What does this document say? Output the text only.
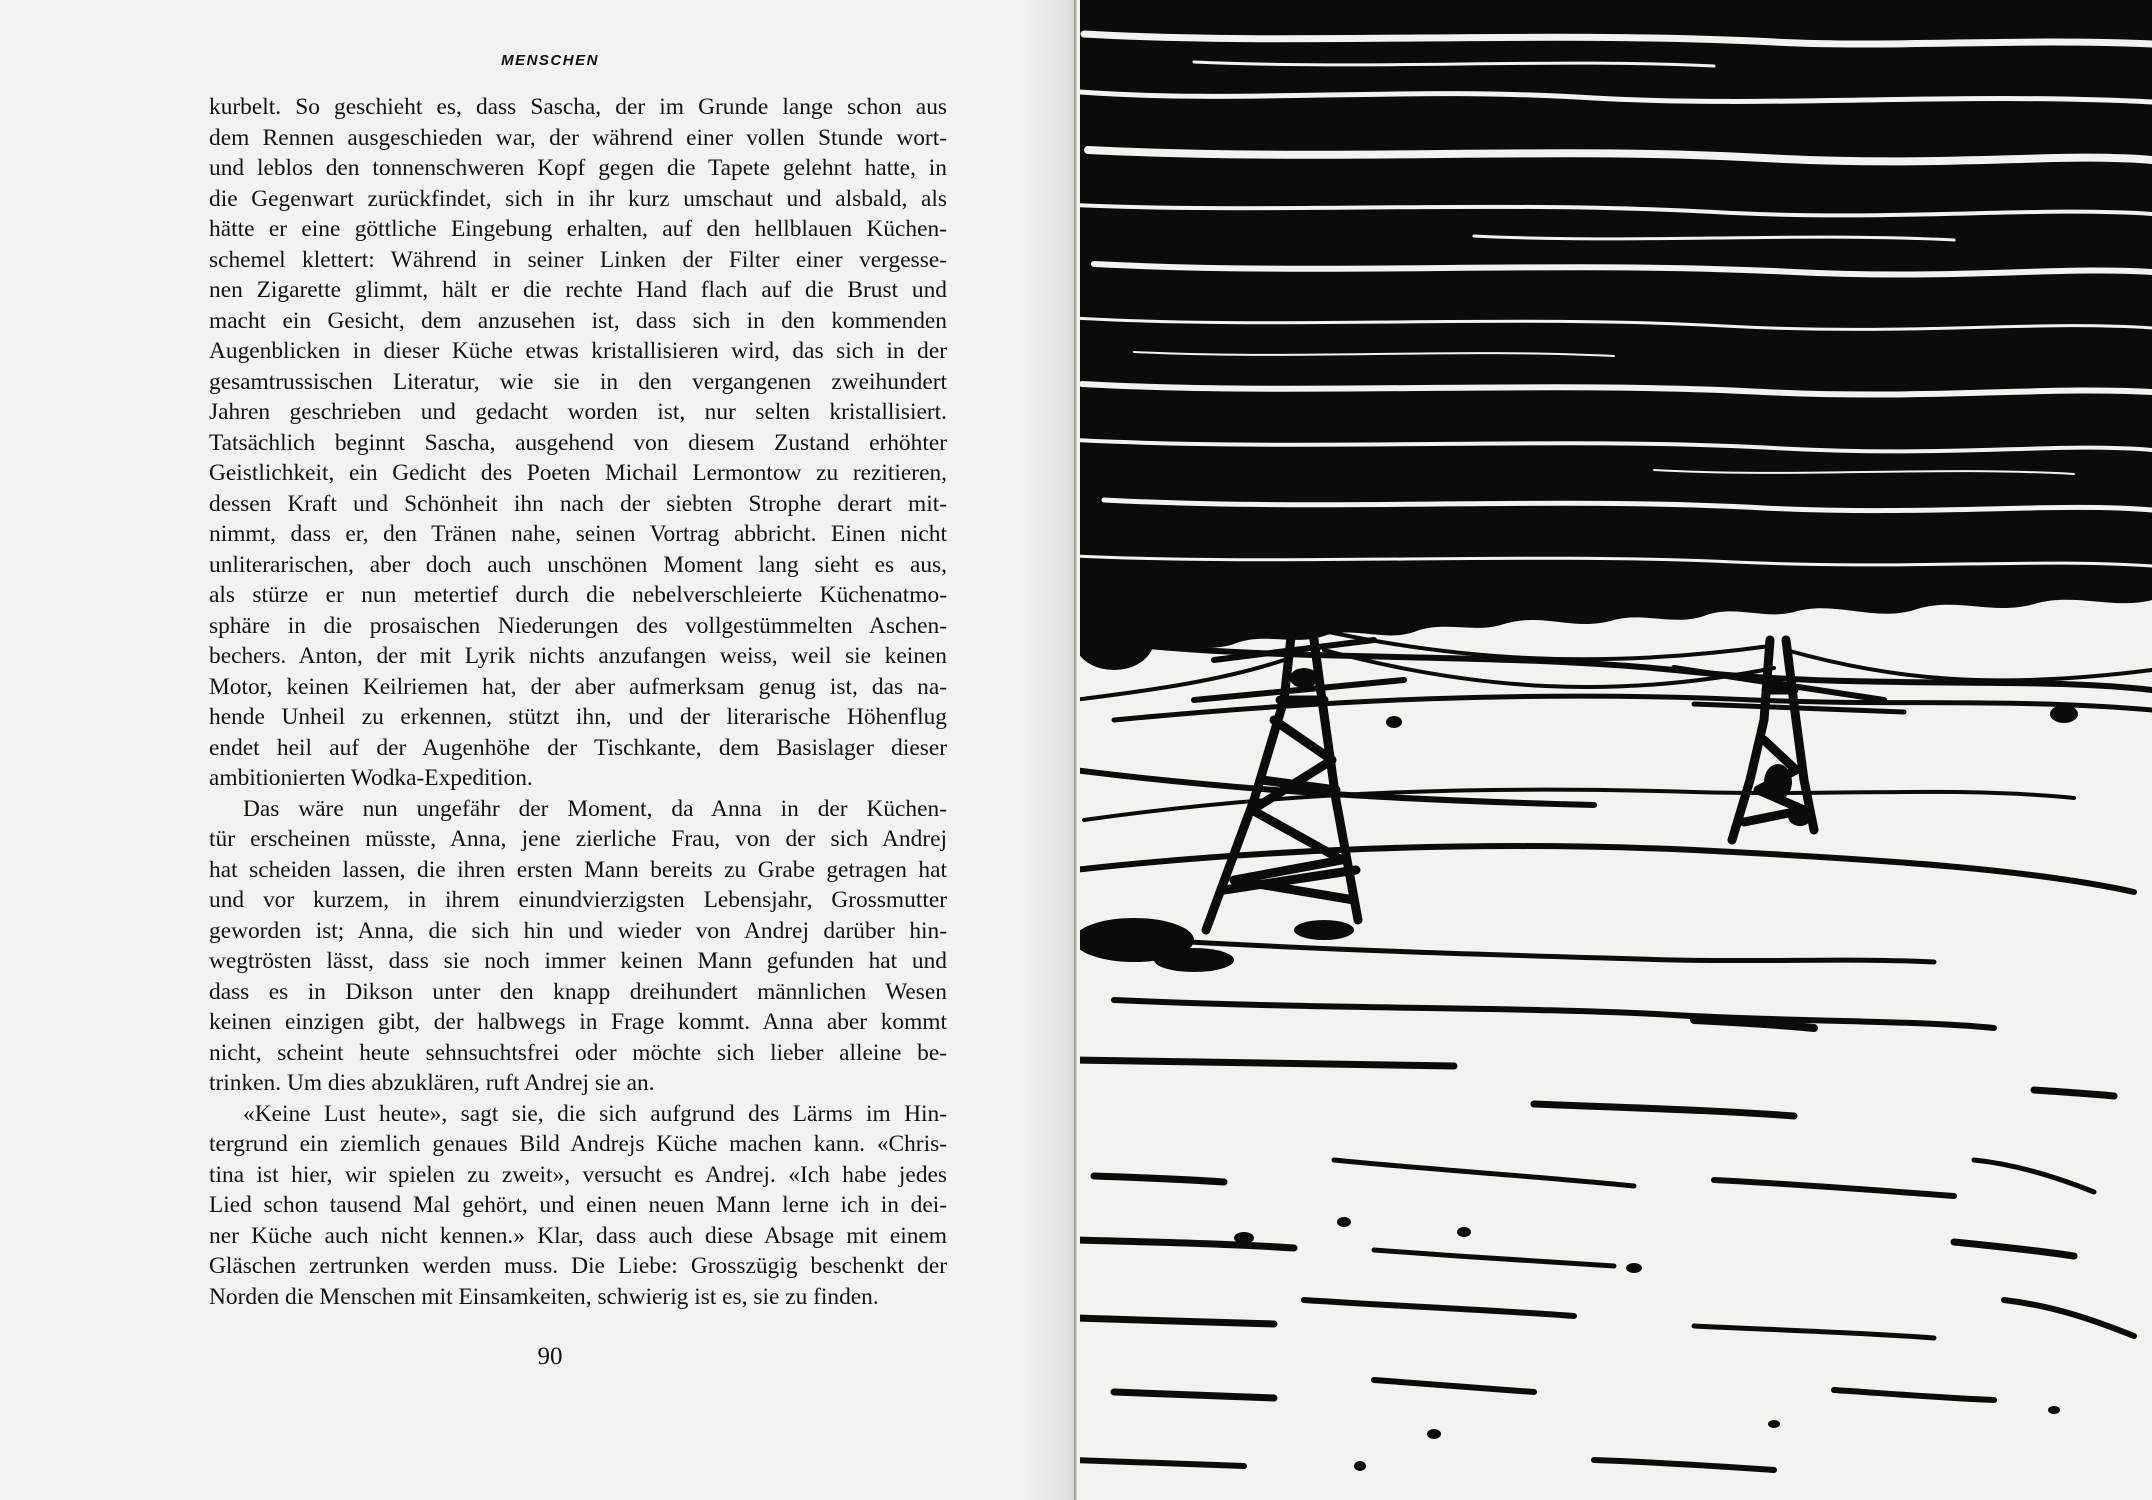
MENSCHEN
kurbelt. So geschieht es, dass Sascha, der im Grunde lange schon aus
dem Rennen ausgeschieden war, der während einer vollen Stunde wort-
und leblos den tonnenschweren Kopf gegen die Tapete gelehnt hatte, in
die Gegenwart zurückfindet, sich in ihr kurz umschaut und alsbald, als
hätte er eine göttliche Eingebung erhalten, auf den hellblauen Küchen-
schemel klettert: Während in seiner Linken der Filter einer vergesse-
nen Zigarette glimmt, hält er die rechte Hand flach auf die Brust und
macht ein Gesicht, dem anzusehen ist, dass sich in den kommenden
Augenblicken in dieser Küche etwas kristallisieren wird, das sich in der
gesamtrussischen Literatur, wie sie in den vergangenen zweihundert
Jahren geschrieben und gedacht worden ist, nur selten kristallisiert.
Tatsächlich beginnt Sascha, ausgehend von diesem Zustand erhöhter
Geistlichkeit, ein Gedicht des Poeten Michail Lermontow zu rezitieren,
dessen Kraft und Schönheit ihn nach der siebten Strophe derart mit-
nimmt, dass er, den Tränen nahe, seinen Vortrag abbricht. Einen nicht
unliterarischen, aber doch auch unschönen Moment lang sieht es aus,
als stürze er nun metertief durch die nebelverschleierte Küchenatmo-
sphäre in die prosaischen Niederungen des vollgestümmelten Aschen-
bechers. Anton, der mit Lyrik nichts anzufangen weiss, weil sie keinen
Motor, keinen Keilriemen hat, der aber aufmerksam genug ist, das na-
hende Unheil zu erkennen, stützt ihn, und der literarische Höhenflug
endet heil auf der Augenhöhe der Tischkante, dem Basislager dieser
ambitionierten Wodka-Expedition.
Das wäre nun ungefähr der Moment, da Anna in der Küchen-
tür erscheinen müsste, Anna, jene zierliche Frau, von der sich Andrej
hat scheiden lassen, die ihren ersten Mann bereits zu Grabe getragen hat
und vor kurzem, in ihrem einundvierzigsten Lebensjahr, Grossmutter
geworden ist; Anna, die sich hin und wieder von Andrej darüber hin-
wegtrösten lässt, dass sie noch immer keinen Mann gefunden hat und
dass es in Dikson unter den knapp dreihundert männlichen Wesen
keinen einzigen gibt, der halbwegs in Frage kommt. Anna aber kommt
nicht, scheint heute sehnsuchtsfrei oder möchte sich lieber alleine be-
trinken. Um dies abzuklären, ruft Andrej sie an.
«Keine Lust heute», sagt sie, die sich aufgrund des Lärms im Hin-
tergrund ein ziemlich genaues Bild Andrejs Küche machen kann. «Chris-
tina ist hier, wir spielen zu zweit», versucht es Andrej. «Ich habe jedes
Lied schon tausend Mal gehört, und einen neuen Mann lerne ich in dei-
ner Küche auch nicht kennen.» Klar, dass auch diese Absage mit einem
Gläschen zertrunken werden muss. Die Liebe: Grosszügig beschenkt der
Norden die Menschen mit Einsamkeiten, schwierig ist es, sie zu finden.
90
